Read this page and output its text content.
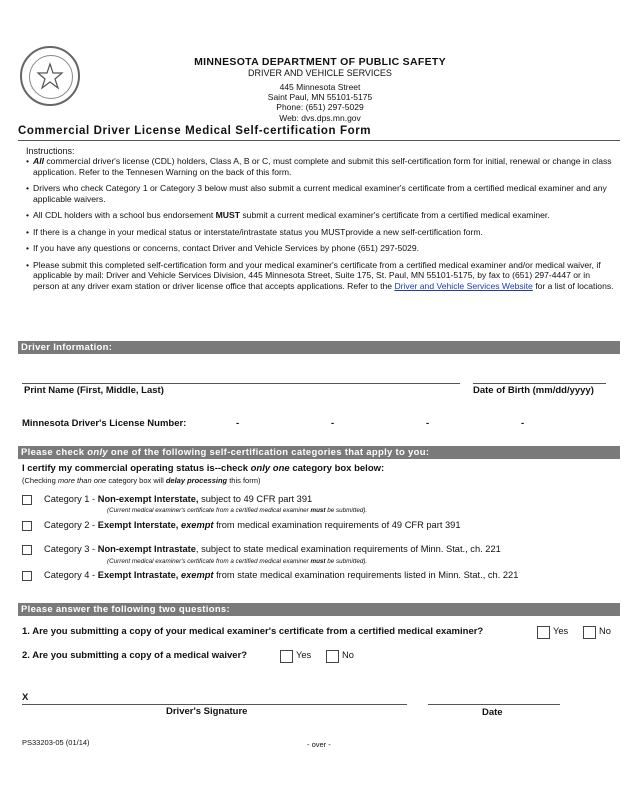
MINNESOTA DEPARTMENT OF PUBLIC SAFETY
DRIVER AND VEHICLE SERVICES
445 Minnesota Street
Saint Paul, MN 55101-5175
Phone: (651) 297-5029
Web: dvs.dps.mn.gov
Commercial Driver License Medical Self-certification Form
Instructions:
• All commercial driver's license (CDL) holders, Class A, B or C, must complete and submit this self-certification form for initial, renewal or change in class application. Refer to the Tennesen Warning on the back of this form.
• Drivers who check Category 1 or Category 3 below must also submit a current medical examiner's certificate from a certified medical examiner and any applicable waivers.
• All CDL holders with a school bus endorsement MUST submit a current medical examiner's certificate from a certified medical examiner.
• If there is a change in your medical status or interstate/intrastate status you MUSTprovide a new self-certification form.
• If you have any questions or concerns, contact Driver and Vehicle Services by phone (651) 297-5029.
• Please submit this completed self-certification form and your medical examiner's certificate from a certified medical examiner and/or medical waiver, if applicable by mail: Driver and Vehicle Services Division, 445 Minnesota Street, Suite 175, St. Paul, MN 55101-5175, by fax to (651) 297-4447 or in person at any driver exam station or driver license office that accepts applications. Refer to the Driver and Vehicle Services Website for a list of locations.
Driver Information:
Print Name (First, Middle, Last)	Date of Birth (mm/dd/yyyy)
Minnesota Driver's License Number:	-	-	-	-
Please check only one of the following self-certification categories that apply to you:
I certify my commercial operating status is--check only one category box below:
(Checking more than one category box will delay processing this form)
Category 1 - Non-exempt Interstate, subject to 49 CFR part 391
(Current medical examiner's certificate from a certified medical examiner must be submitted).
Category 2 - Exempt Interstate, exempt from medical examination requirements of 49 CFR part 391
Category 3 - Non-exempt Intrastate, subject to state medical examination requirements of Minn. Stat., ch. 221
(Current medical examiner's certificate from a certified medical examiner must be submitted).
Category 4 - Exempt Intrastate, exempt from state medical examination requirements listed in Minn. Stat., ch. 221
Please answer the following two questions:
1. Are you submitting a copy of your medical examiner's certificate from a certified medical examiner?	Yes	No
2. Are you submitting a copy of a medical waiver?	Yes	No
X
Driver's Signature	Date
PS33203-05 (01/14)	- over -
